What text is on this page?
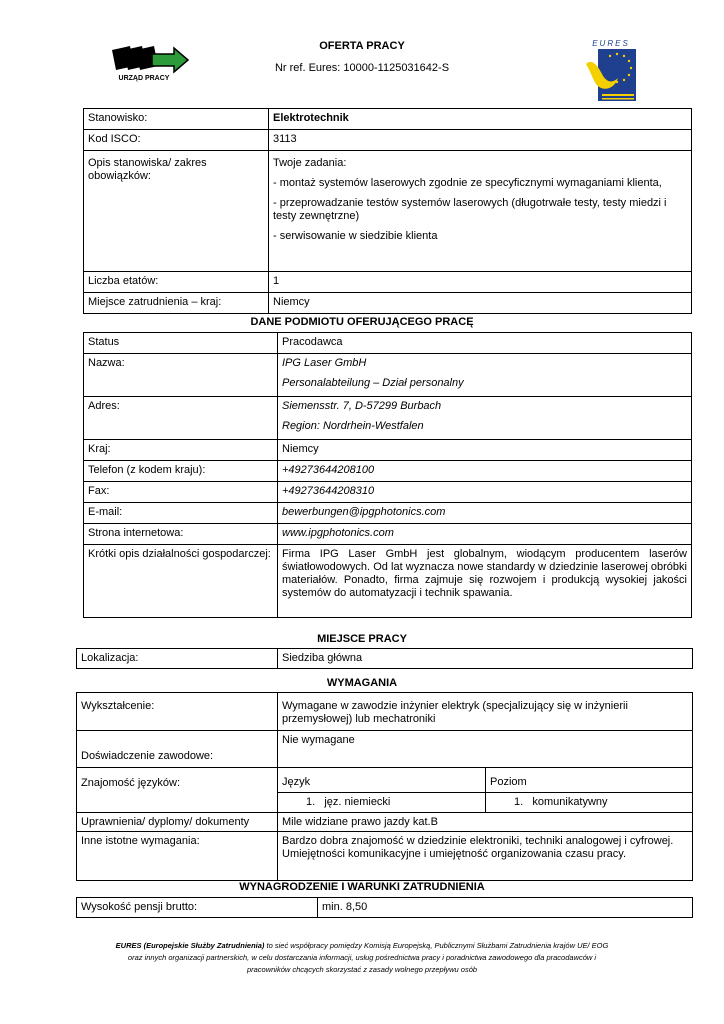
URZĄD PRACY
EURES
OFERTA PRACY
Nr ref. Eures: 10000-1125031642-S
Stanowisko:	Elektrotechnik
Kod ISCO:	3113
Opis stanowiska/ zakres obowiązków:	Twoje zadania:

- montaż systemów laserowych zgodnie ze specyficznymi wymaganiami klienta,

- przeprowadzanie testów systemów laserowych (długotrwałe testy, testy miedzi i testy zewnętrzne)

- serwisowanie w siedzibie klienta

Liczba etatów:	1
Miejsce zatrudnienia – kraj:	Niemcy
DANE PODMIOTU OFERUJĄCEGO PRACĘ
Status	Pracodawca
Nazwa:	IPG Laser GmbH

Personalabteilung – Dział personalny

Adres:	Siemensstr. 7, D-57299 Burbach

Region: Nordrhein-Westfalen

Kraj:	Niemcy
Telefon (z kodem kraju):	+49273644208100
Fax:	+49273644208310
E-mail:	bewerbungen@ipgphotonics.com
Strona internetowa:	www.ipgphotonics.com
Krótki opis działalności gospodarczej:	Firma IPG Laser GmbH jest globalnym, wiodącym producentem laserów światłowodowych. Od lat wyznacza nowe standardy w dziedzinie laserowej obróbki materiałów. Ponadto, firma zajmuje się rozwojem i produkcją wysokiej jakości systemów do automatyzacji i technik spawania.
MIEJSCE PRACY
Lokalizacja:	Siedziba główna
WYMAGANIA
Wykształcenie:	Wymagane w zawodzie inżynier elektryk (specjalizujący się w inżynierii przemysłowej) lub mechatroniki	
Doświadczenie zawodowe:	Nie wymagane	
Znajomość języków:	Język	Poziom
	1. jęz. niemiecki	1. komunikatywny
Uprawnienia/ dyplomy/ dokumenty	Mile widziane prawo jazdy kat.B	
Inne istotne wymagania:	Bardzo dobra znajomość w dziedzinie elektroniki, techniki analogowej i cyfrowej. Umiejętności komunikacyjne i umiejętność organizowania czasu pracy.	
WYNAGRODZENIE I WARUNKI ZATRUDNIENIA
Wysokość pensji brutto:	min. 8,50
EURES (Europejskie Służby Zatrudnienia) to sieć współpracy pomiędzy Komisją Europejską, Publicznymi Służbami Zatrudnienia krajów UE/ EOG
oraz innych organizacji partnerskich, w celu dostarczania informacji, usług pośrednictwa pracy i poradnictwa zawodowego dla pracodawców i
pracowników chcących skorzystać z zasady wolnego przepływu osób
